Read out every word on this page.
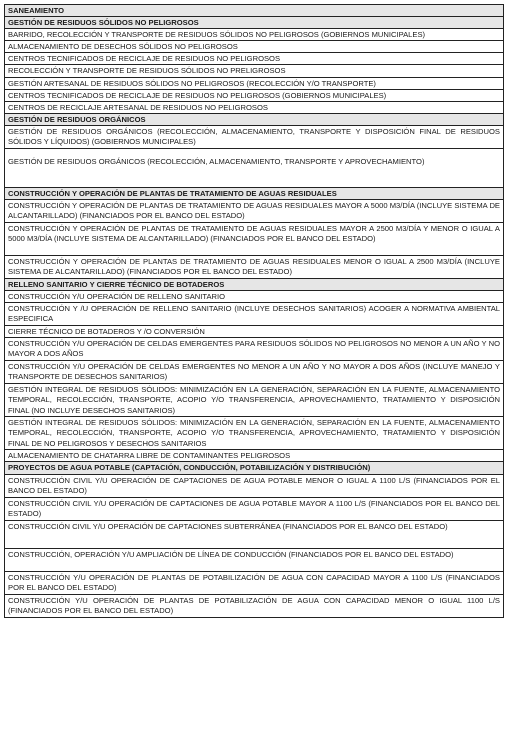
SANEAMIENTO
GESTIÓN DE RESIDUOS SÓLIDOS NO PELIGROSOS
BARRIDO, RECOLECCIÓN Y TRANSPORTE DE RESIDUOS SÓLIDOS NO PELIGROSOS (GOBIERNOS MUNICIPALES)
ALMACENAMIENTO DE DESECHOS SÓLIDOS NO PELIGROSOS
CENTROS TECNIFICADOS DE RECICLAJE DE RESIDUOS NO PELIGROSOS
RECOLECCIÓN Y TRANSPORTE DE RESIDUOS SÓLIDOS NO PRELIGROSOS
GESTIÓN ARTESANAL DE RESIDUOS SÓLIDOS NO PELIGROSOS (RECOLECCIÓN Y/O TRANSPORTE)
CENTROS TECNIFICADOS DE RECICLAJE DE RESIDUOS NO PELIGROSOS (GOBIERNOS MUNICIPALES)
CENTROS DE RECICLAJE ARTESANAL DE RESIDUOS NO PELIGROSOS
GESTIÓN DE RESIDUOS ORGÁNICOS
GESTIÓN DE RESIDUOS ORGÁNICOS (RECOLECCIÓN, ALMACENAMIENTO, TRANSPORTE Y DISPOSICIÓN FINAL DE RESIDUOS SÓLIDOS Y LÍQUIDOS) (GOBIERNOS MUNICIPALES)
GESTIÓN DE RESIDUOS ORGÁNICOS (RECOLECCIÓN, ALMACENAMIENTO, TRANSPORTE Y APROVECHAMIENTO)
CONSTRUCCIÓN Y OPERACIÓN DE PLANTAS DE TRATAMIENTO DE AGUAS RESIDUALES
CONSTRUCCIÓN Y OPERACIÓN DE PLANTAS DE TRATAMIENTO DE AGUAS RESIDUALES MAYOR A 5000 M3/DÍA (INCLUYE SISTEMA DE ALCANTARILLADO) (FINANCIADOS POR EL BANCO DEL ESTADO)
CONSTRUCCIÓN Y OPERACIÓN DE PLANTAS DE TRATAMIENTO DE AGUAS RESIDUALES MAYOR A 2500 M3/DÍA Y MENOR O IGUAL A 5000 M3/DÍA (INCLUYE SISTEMA DE ALCANTARILLADO) (FINANCIADOS POR EL BANCO DEL ESTADO)
CONSTRUCCIÓN Y OPERACIÓN DE PLANTAS DE TRATAMIENTO DE AGUAS RESIDUALES MENOR O IGUAL A 2500 M3/DÍA (INCLUYE SISTEMA DE ALCANTARILLADO) (FINANCIADOS POR EL BANCO DEL ESTADO)
RELLENO SANITARIO Y CIERRE TÉCNICO DE BOTADEROS
CONSTRUCCIÓN Y/U OPERACIÓN DE RELLENO SANITARIO
CONSTRUCCIÓN Y /U OPERACIÓN DE RELLENO SANITARIO (INCLUYE DESECHOS SANITARIOS) ACOGER A NORMATIVA AMBIENTAL ESPECIFICA
CIERRE TÉCNICO DE BOTADEROS Y /O CONVERSIÓN
CONSTRUCCIÓN Y/U OPERACIÓN DE CELDAS EMERGENTES PARA RESIDUOS SÓLIDOS NO PELIGROSOS NO MENOR A UN AÑO Y NO MAYOR A DOS AÑOS
CONSTRUCCIÓN Y/U OPERACIÓN DE CELDAS EMERGENTES NO MENOR A UN AÑO Y NO MAYOR A DOS AÑOS (INCLUYE MANEJO Y TRANSPORTE DE DESECHOS SANITARIOS)
GESTIÓN INTEGRAL DE RESIDUOS SÓLIDOS: MINIMIZACIÓN EN LA GENERACIÓN, SEPARACIÓN EN LA FUENTE, ALMACENAMIENTO TEMPORAL, RECOLECCIÓN, TRANSPORTE, ACOPIO Y/O TRANSFERENCIA, APROVECHAMIENTO, TRATAMIENTO Y DISPOSICIÓN FINAL (NO INCLUYE DESECHOS SANITARIOS)
GESTIÓN INTEGRAL DE RESIDUOS SÓLIDOS: MINIMIZACIÓN EN LA GENERACIÓN, SEPARACIÓN EN LA FUENTE, ALMACENAMIENTO TEMPORAL, RECOLECCIÓN, TRANSPORTE, ACOPIO Y/O TRANSFERENCIA, APROVECHAMIENTO, TRATAMIENTO Y DISPOSICIÓN FINAL DE NO PELIGROSOS Y DESECHOS SANITARIOS
ALMACENAMIENTO DE CHATARRA LIBRE DE CONTAMINANTES PELIGROSOS
PROYECTOS DE AGUA POTABLE (CAPTACIÓN, CONDUCCIÓN, POTABILIZACIÓN Y DISTRIBUCIÓN)
CONSTRUCCIÓN CIVIL Y/U OPERACIÓN DE CAPTACIONES DE AGUA POTABLE MENOR O IGUAL A 1100 L/S (FINANCIADOS POR EL BANCO DEL ESTADO)
CONSTRUCCIÓN CIVIL Y/U OPERACIÓN DE CAPTACIONES DE AGUA POTABLE MAYOR A 1100 L/S (FINANCIADOS POR EL BANCO DEL ESTADO)
CONSTRUCCIÓN CIVIL Y/U OPERACIÓN DE CAPTACIONES SUBTERRÁNEA (FINANCIADOS POR EL BANCO DEL ESTADO)
CONSTRUCCIÓN, OPERACIÓN Y/U AMPLIACIÓN DE LÍNEA DE CONDUCCIÓN (FINANCIADOS POR EL BANCO DEL ESTADO)
CONSTRUCCIÓN Y/U OPERACIÓN DE PLANTAS DE POTABILIZACIÓN DE AGUA CON CAPACIDAD MAYOR A 1100 L/S (FINANCIADOS POR EL BANCO DEL ESTADO)
CONSTRUCCIÓN Y/U OPERACIÓN DE PLANTAS DE POTABILIZACIÓN DE AGUA CON CAPACIDAD MENOR O IGUAL 1100 L/S (FINANCIADOS POR EL BANCO DEL ESTADO)
